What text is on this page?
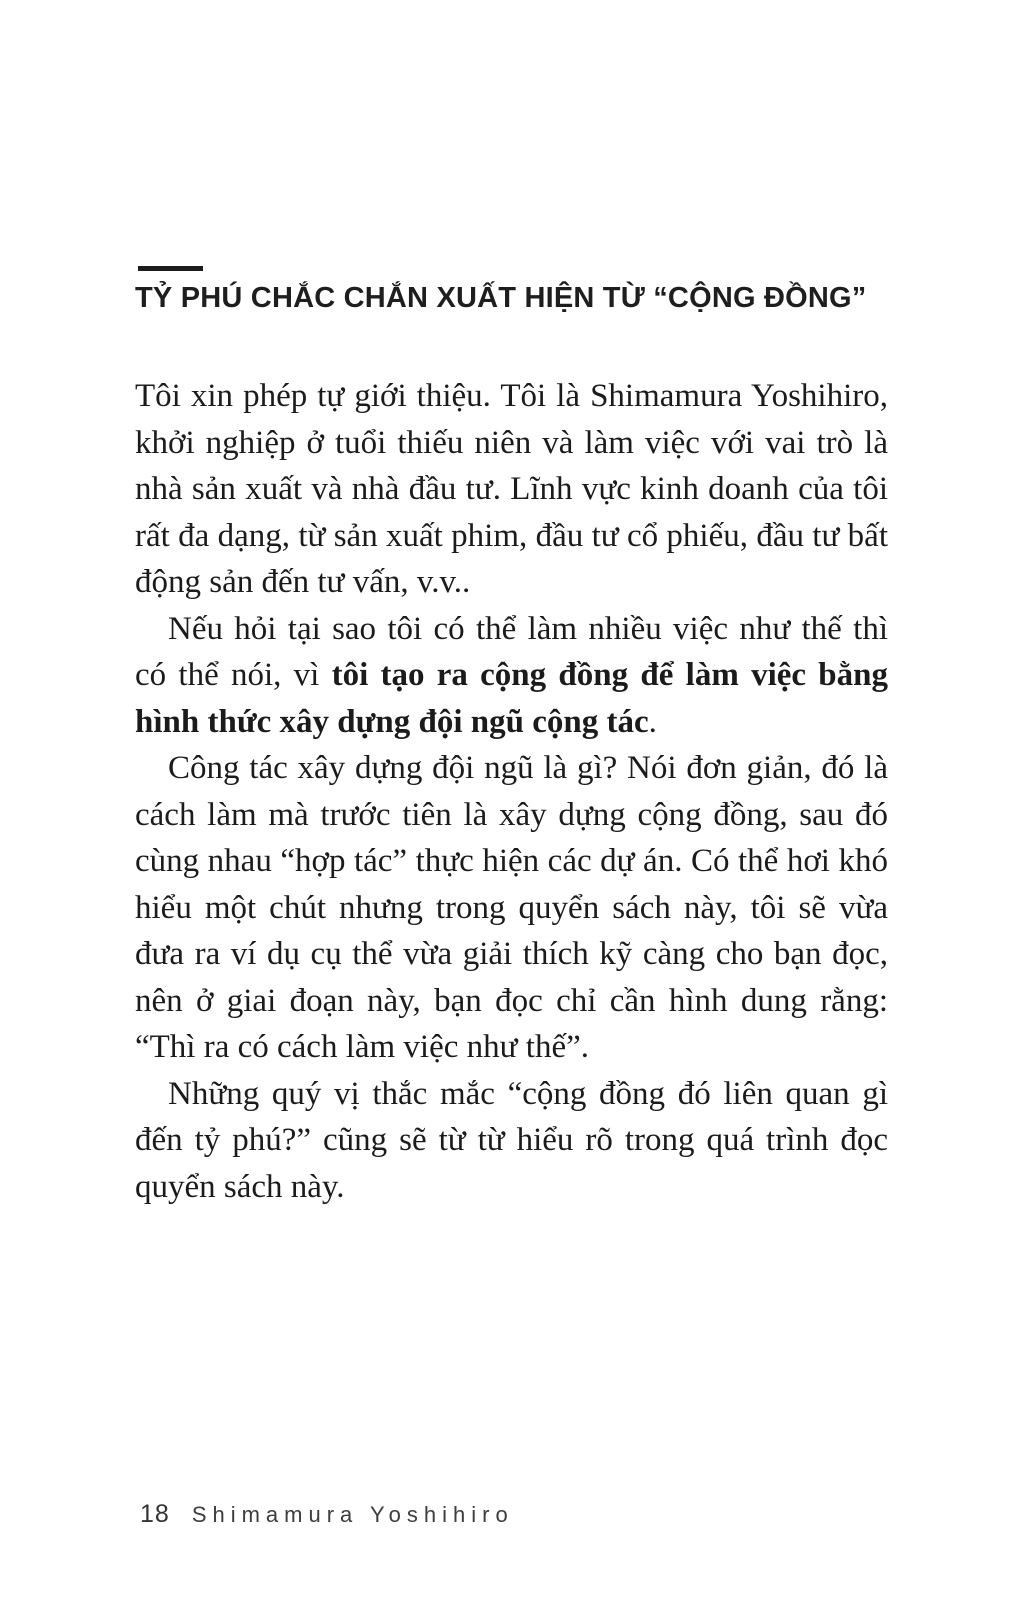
TỶ PHÚ CHẮC CHẮN XUẤT HIỆN TỪ “CỘNG ĐỒNG”

Tôi xin phép tự giới thiệu. Tôi là Shimamura Yoshihiro, khởi nghiệp ở tuổi thiếu niên và làm việc với vai trò là nhà sản xuất và nhà đầu tư. Lĩnh vực kinh doanh của tôi rất đa dạng, từ sản xuất phim, đầu tư cổ phiếu, đầu tư bất động sản đến tư vấn, v.v..

Nếu hỏi tại sao tôi có thể làm nhiều việc như thế thì có thể nói, vì tôi tạo ra cộng đồng để làm việc bằng hình thức xây dựng đội ngũ cộng tác.

Công tác xây dựng đội ngũ là gì? Nói đơn giản, đó là cách làm mà trước tiên là xây dựng cộng đồng, sau đó cùng nhau “hợp tác” thực hiện các dự án. Có thể hơi khó hiểu một chút nhưng trong quyển sách này, tôi sẽ vừa đưa ra ví dụ cụ thể vừa giải thích kỹ càng cho bạn đọc, nên ở giai đoạn này, bạn đọc chỉ cần hình dung rằng: “Thì ra có cách làm việc như thế”.

Những quý vị thắc mắc “cộng đồng đó liên quan gì đến tỷ phú?” cũng sẽ từ từ hiểu rõ trong quá trình đọc quyển sách này.

18 Shimamura Yoshihiro
